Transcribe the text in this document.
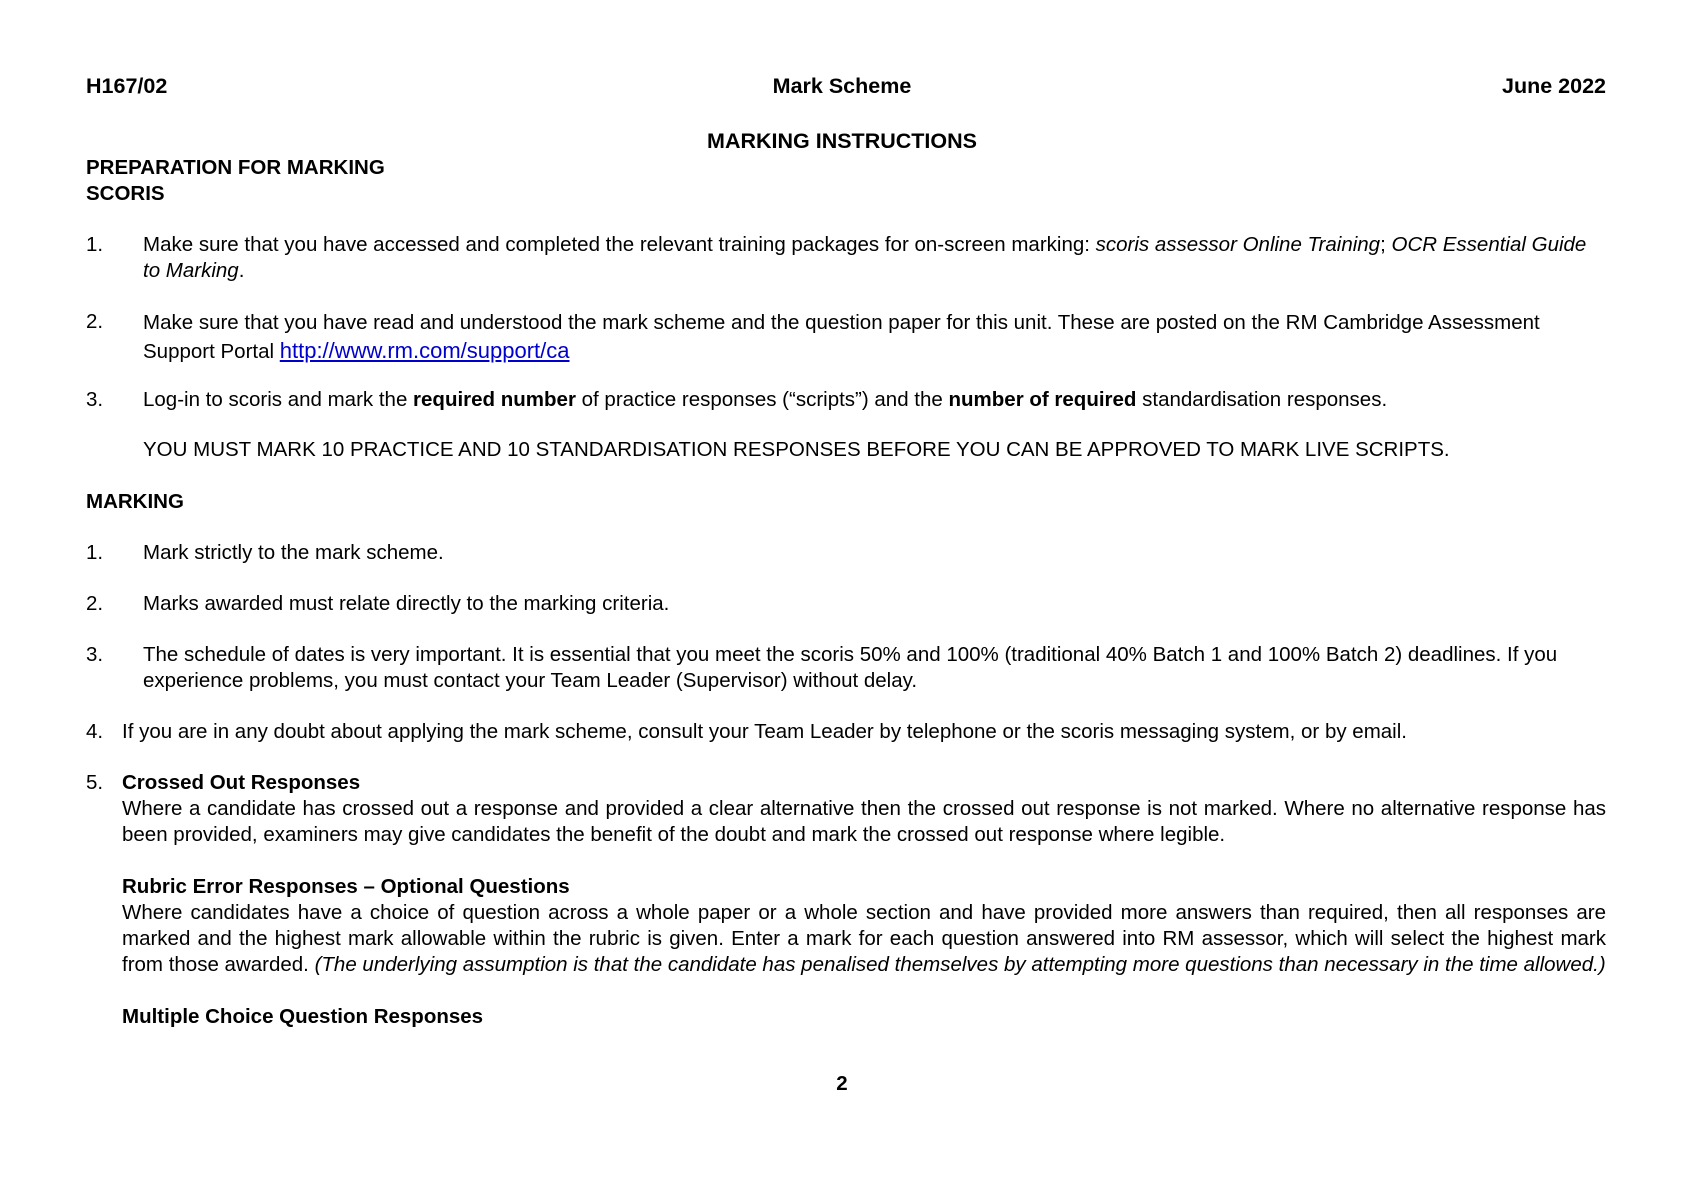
H167/02	Mark Scheme	June 2022
MARKING INSTRUCTIONS
PREPARATION FOR MARKING
SCORIS
1. Make sure that you have accessed and completed the relevant training packages for on-screen marking: scoris assessor Online Training; OCR Essential Guide to Marking.
2. Make sure that you have read and understood the mark scheme and the question paper for this unit. These are posted on the RM Cambridge Assessment Support Portal http://www.rm.com/support/ca
3. Log-in to scoris and mark the required number of practice responses (“scripts”) and the number of required standardisation responses.
YOU MUST MARK 10 PRACTICE AND 10 STANDARDISATION RESPONSES BEFORE YOU CAN BE APPROVED TO MARK LIVE SCRIPTS.
MARKING
1. Mark strictly to the mark scheme.
2. Marks awarded must relate directly to the marking criteria.
3. The schedule of dates is very important. It is essential that you meet the scoris 50% and 100% (traditional 40% Batch 1 and 100% Batch 2) deadlines. If you experience problems, you must contact your Team Leader (Supervisor) without delay.
4. If you are in any doubt about applying the mark scheme, consult your Team Leader by telephone or the scoris messaging system, or by email.
5. Crossed Out Responses
Where a candidate has crossed out a response and provided a clear alternative then the crossed out response is not marked. Where no alternative response has been provided, examiners may give candidates the benefit of the doubt and mark the crossed out response where legible.
Rubric Error Responses – Optional Questions
Where candidates have a choice of question across a whole paper or a whole section and have provided more answers than required, then all responses are marked and the highest mark allowable within the rubric is given. Enter a mark for each question answered into RM assessor, which will select the highest mark from those awarded. (The underlying assumption is that the candidate has penalised themselves by attempting more questions than necessary in the time allowed.)
Multiple Choice Question Responses
2
